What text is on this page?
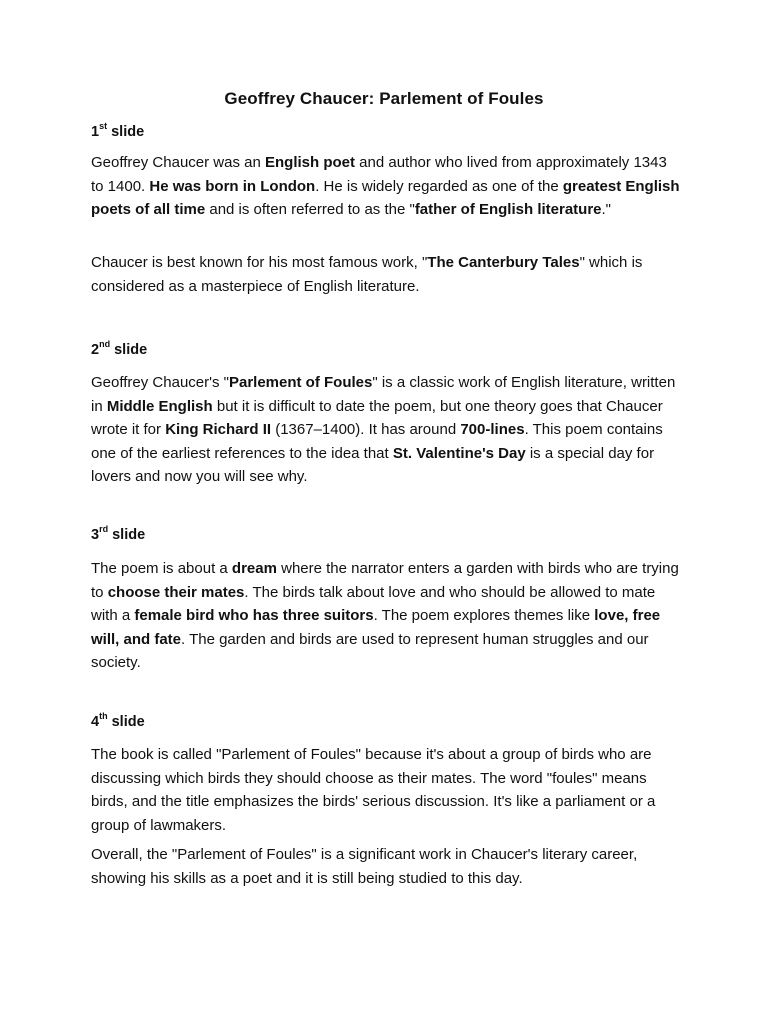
Geoffrey Chaucer: Parlement of Foules
1st slide

Geoffrey Chaucer was an English poet and author who lived from approximately 1343 to 1400. He was born in London. He is widely regarded as one of the greatest English poets of all time and is often referred to as the "father of English literature."

Chaucer is best known for his most famous work, "The Canterbury Tales" which is considered as a masterpiece of English literature.

2nd slide

Geoffrey Chaucer's "Parlement of Foules" is a classic work of English literature, written in Middle English but it is difficult to date the poem, but one theory goes that Chaucer wrote it for King Richard II (1367–1400). It has around 700-lines. This poem contains one of the earliest references to the idea that St. Valentine's Day is a special day for lovers and now you will see why.

3rd slide

The poem is about a dream where the narrator enters a garden with birds who are trying to choose their mates. The birds talk about love and who should be allowed to mate with a female bird who has three suitors. The poem explores themes like love, free will, and fate. The garden and birds are used to represent human struggles and our society.

4th slide

The book is called "Parlement of Foules" because it's about a group of birds who are discussing which birds they should choose as their mates. The word "foules" means birds, and the title emphasizes the birds' serious discussion. It's like a parliament or a group of lawmakers.

Overall, the "Parlement of Foules" is a significant work in Chaucer's literary career, showing his skills as a poet and it is still being studied to this day.
